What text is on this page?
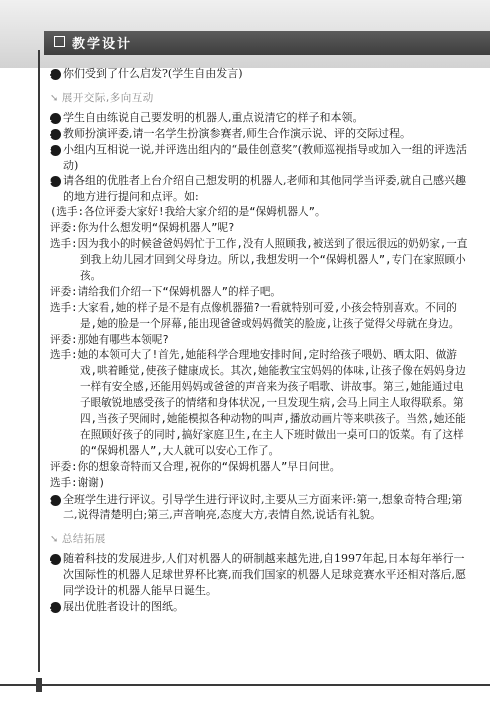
教学设计

2 你们受到了什么启发?(学生自由发言)

➘ 展开交际,多向互动

1 学生自由练说自己要发明的机器人,重点说清它的样子和本领。

2 教师扮演评委,请一名学生扮演参赛者,师生合作演示说、评的交际过程。

3 小组内互相说一说,并评选出组内的“最佳创意奖”(教师巡视指导或加入一组的评选活动)

4 请各组的优胜者上台介绍自己想发明的机器人,老师和其他同学当评委,就自己感兴趣的地方进行提问和点评。如:

(选手:各位评委大家好!我给大家介绍的是“保姆机器人”。

评委:你为什么想发明“保姆机器人”呢?

选手:因为我小的时候爸爸妈妈忙于工作,没有人照顾我,被送到了很远很远的奶奶家,一直到我上幼儿园才回到父母身边。所以,我想发明一个“保姆机器人”,专门在家照顾小孩。

评委:请给我们介绍一下“保姆机器人”的样子吧。

选手:大家看,她的样子是不是有点像机器猫?一看就特别可爱,小孩会特别喜欢。不同的是,她的脸是一个屏幕,能出现爸爸或妈妈微笑的脸庞,让孩子觉得父母就在身边。

评委:那她有哪些本领呢?

选手:她的本领可大了!首先,她能科学合理地安排时间,定时给孩子喂奶、晒太阳、做游戏,哄着睡觉,使孩子健康成长。其次,她能教宝宝妈妈的体味,让孩子像在妈妈身边一样有安全感,还能用妈妈或爸爸的声音来为孩子唱歌、讲故事。第三,她能通过电子眼敏锐地感受孩子的情绪和身体状况,一旦发现生病,会马上同主人取得联系。第四,当孩子哭闹时,她能模拟各种动物的叫声,播放动画片等来哄孩子。当然,她还能在照顾好孩子的同时,搞好家庭卫生,在主人下班时做出一桌可口的饭菜。有了这样的“保姆机器人”,大人就可以安心工作了。

评委:你的想象奇特而又合理,祝你的“保姆机器人”早日问世。

选手:谢谢)

5 全班学生进行评议。引导学生进行评议时,主要从三方面来评:第一,想象奇特合理;第二,说得清楚明白;第三,声音响亮,态度大方,表情自然,说话有礼貌。

➘ 总结拓展

1 随着科技的发展进步,人们对机器人的研制越来越先进,自1997年起,日本每年举行一次国际性的机器人足球世界杯比赛,而我们国家的机器人足球竞赛水平还相对落后,愿同学设计的机器人能早日诞生。

2 展出优胜者设计的图纸。
